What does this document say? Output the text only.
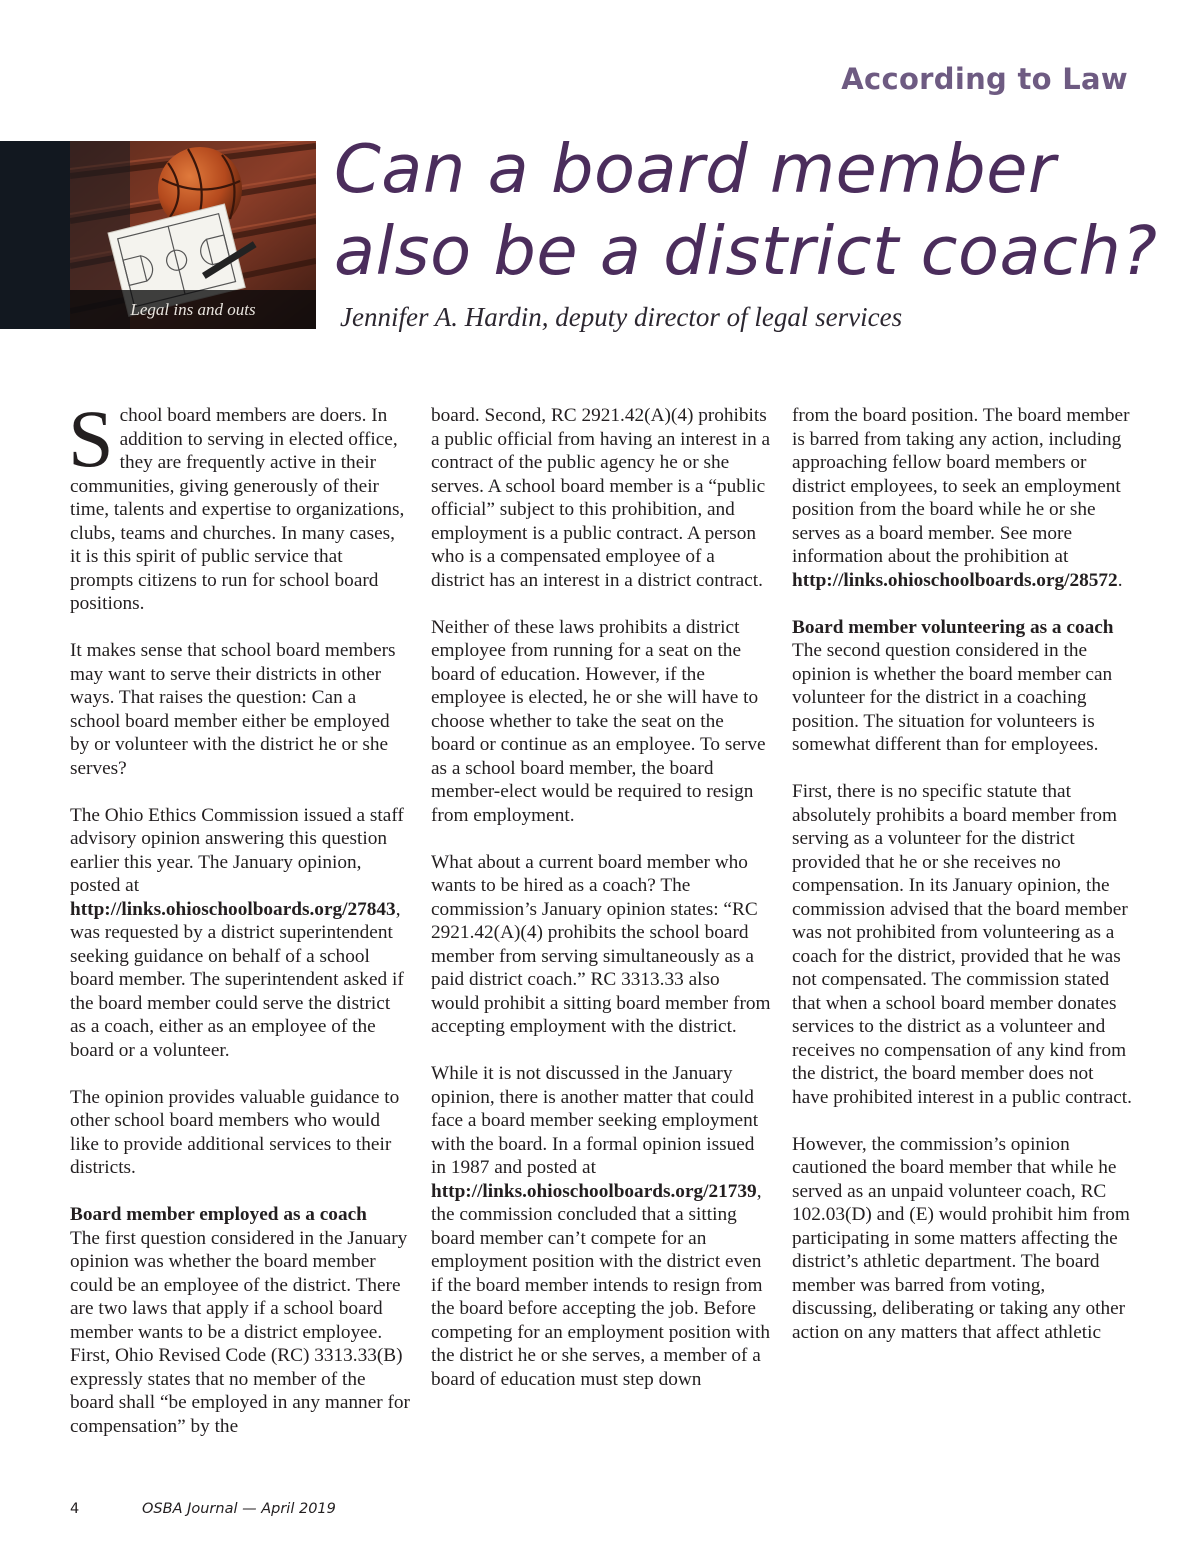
According to Law
Legal ins and outs
Can a board member also be a district coach?
Jennifer A. Hardin, deputy director of legal services

School board members are doers. In addition to serving in elected office, they are frequently active in their communities, giving generously of their time, talents and expertise to organizations, clubs, teams and churches. In many cases, it is this spirit of public service that prompts citizens to run for school board positions.

It makes sense that school board members may want to serve their districts in other ways. That raises the question: Can a school board member either be employed by or volunteer with the district he or she serves?

The Ohio Ethics Commission issued a staff advisory opinion answering this question earlier this year. The January opinion, posted at http://links.ohioschoolboards.org/27843, was requested by a district superintendent seeking guidance on behalf of a school board member. The superintendent asked if the board member could serve the district as a coach, either as an employee of the board or a volunteer.

The opinion provides valuable guidance to other school board members who would like to provide additional services to their districts.

Board member employed as a coach

The first question considered in the January opinion was whether the board member could be an employee of the district. There are two laws that apply if a school board member wants to be a district employee. First, Ohio Revised Code (RC) 3313.33(B) expressly states that no member of the board shall “be employed in any manner for compensation” by the

board. Second, RC 2921.42(A)(4) prohibits a public official from having an interest in a contract of the public agency he or she serves. A school board member is a “public official” subject to this prohibition, and employment is a public contract. A person who is a compensated employee of a district has an interest in a district contract.

Neither of these laws prohibits a district employee from running for a seat on the board of education. However, if the employee is elected, he or she will have to choose whether to take the seat on the board or continue as an employee. To serve as a school board member, the board member-elect would be required to resign from employment.

What about a current board member who wants to be hired as a coach? The commission’s January opinion states: “RC 2921.42(A)(4) prohibits the school board member from serving simultaneously as a paid district coach.” RC 3313.33 also would prohibit a sitting board member from accepting employment with the district.

While it is not discussed in the January opinion, there is another matter that could face a board member seeking employment with the board. In a formal opinion issued in 1987 and posted at http://links.ohioschoolboards.org/21739, the commission concluded that a sitting board member can’t compete for an employment position with the district even if the board member intends to resign from the board before accepting the job. Before competing for an employment position with the district he or she serves, a member of a board of education must step down

from the board position. The board member is barred from taking any action, including approaching fellow board members or district employees, to seek an employment position from the board while he or she serves as a board member. See more information about the prohibition at http://links.ohioschoolboards.org/28572.

Board member volunteering as a coach

The second question considered in the opinion is whether the board member can volunteer for the district in a coaching position. The situation for volunteers is somewhat different than for employees.

First, there is no specific statute that absolutely prohibits a board member from serving as a volunteer for the district provided that he or she receives no compensation. In its January opinion, the commission advised that the board member was not prohibited from volunteering as a coach for the district, provided that he was not compensated. The commission stated that when a school board member donates services to the district as a volunteer and receives no compensation of any kind from the district, the board member does not have prohibited interest in a public contract.

However, the commission’s opinion cautioned the board member that while he served as an unpaid volunteer coach, RC 102.03(D) and (E) would prohibit him from participating in some matters affecting the district’s athletic department. The board member was barred from voting, discussing, deliberating or taking any other action on any matters that affect athletic

4	OSBA Journal — April 2019
